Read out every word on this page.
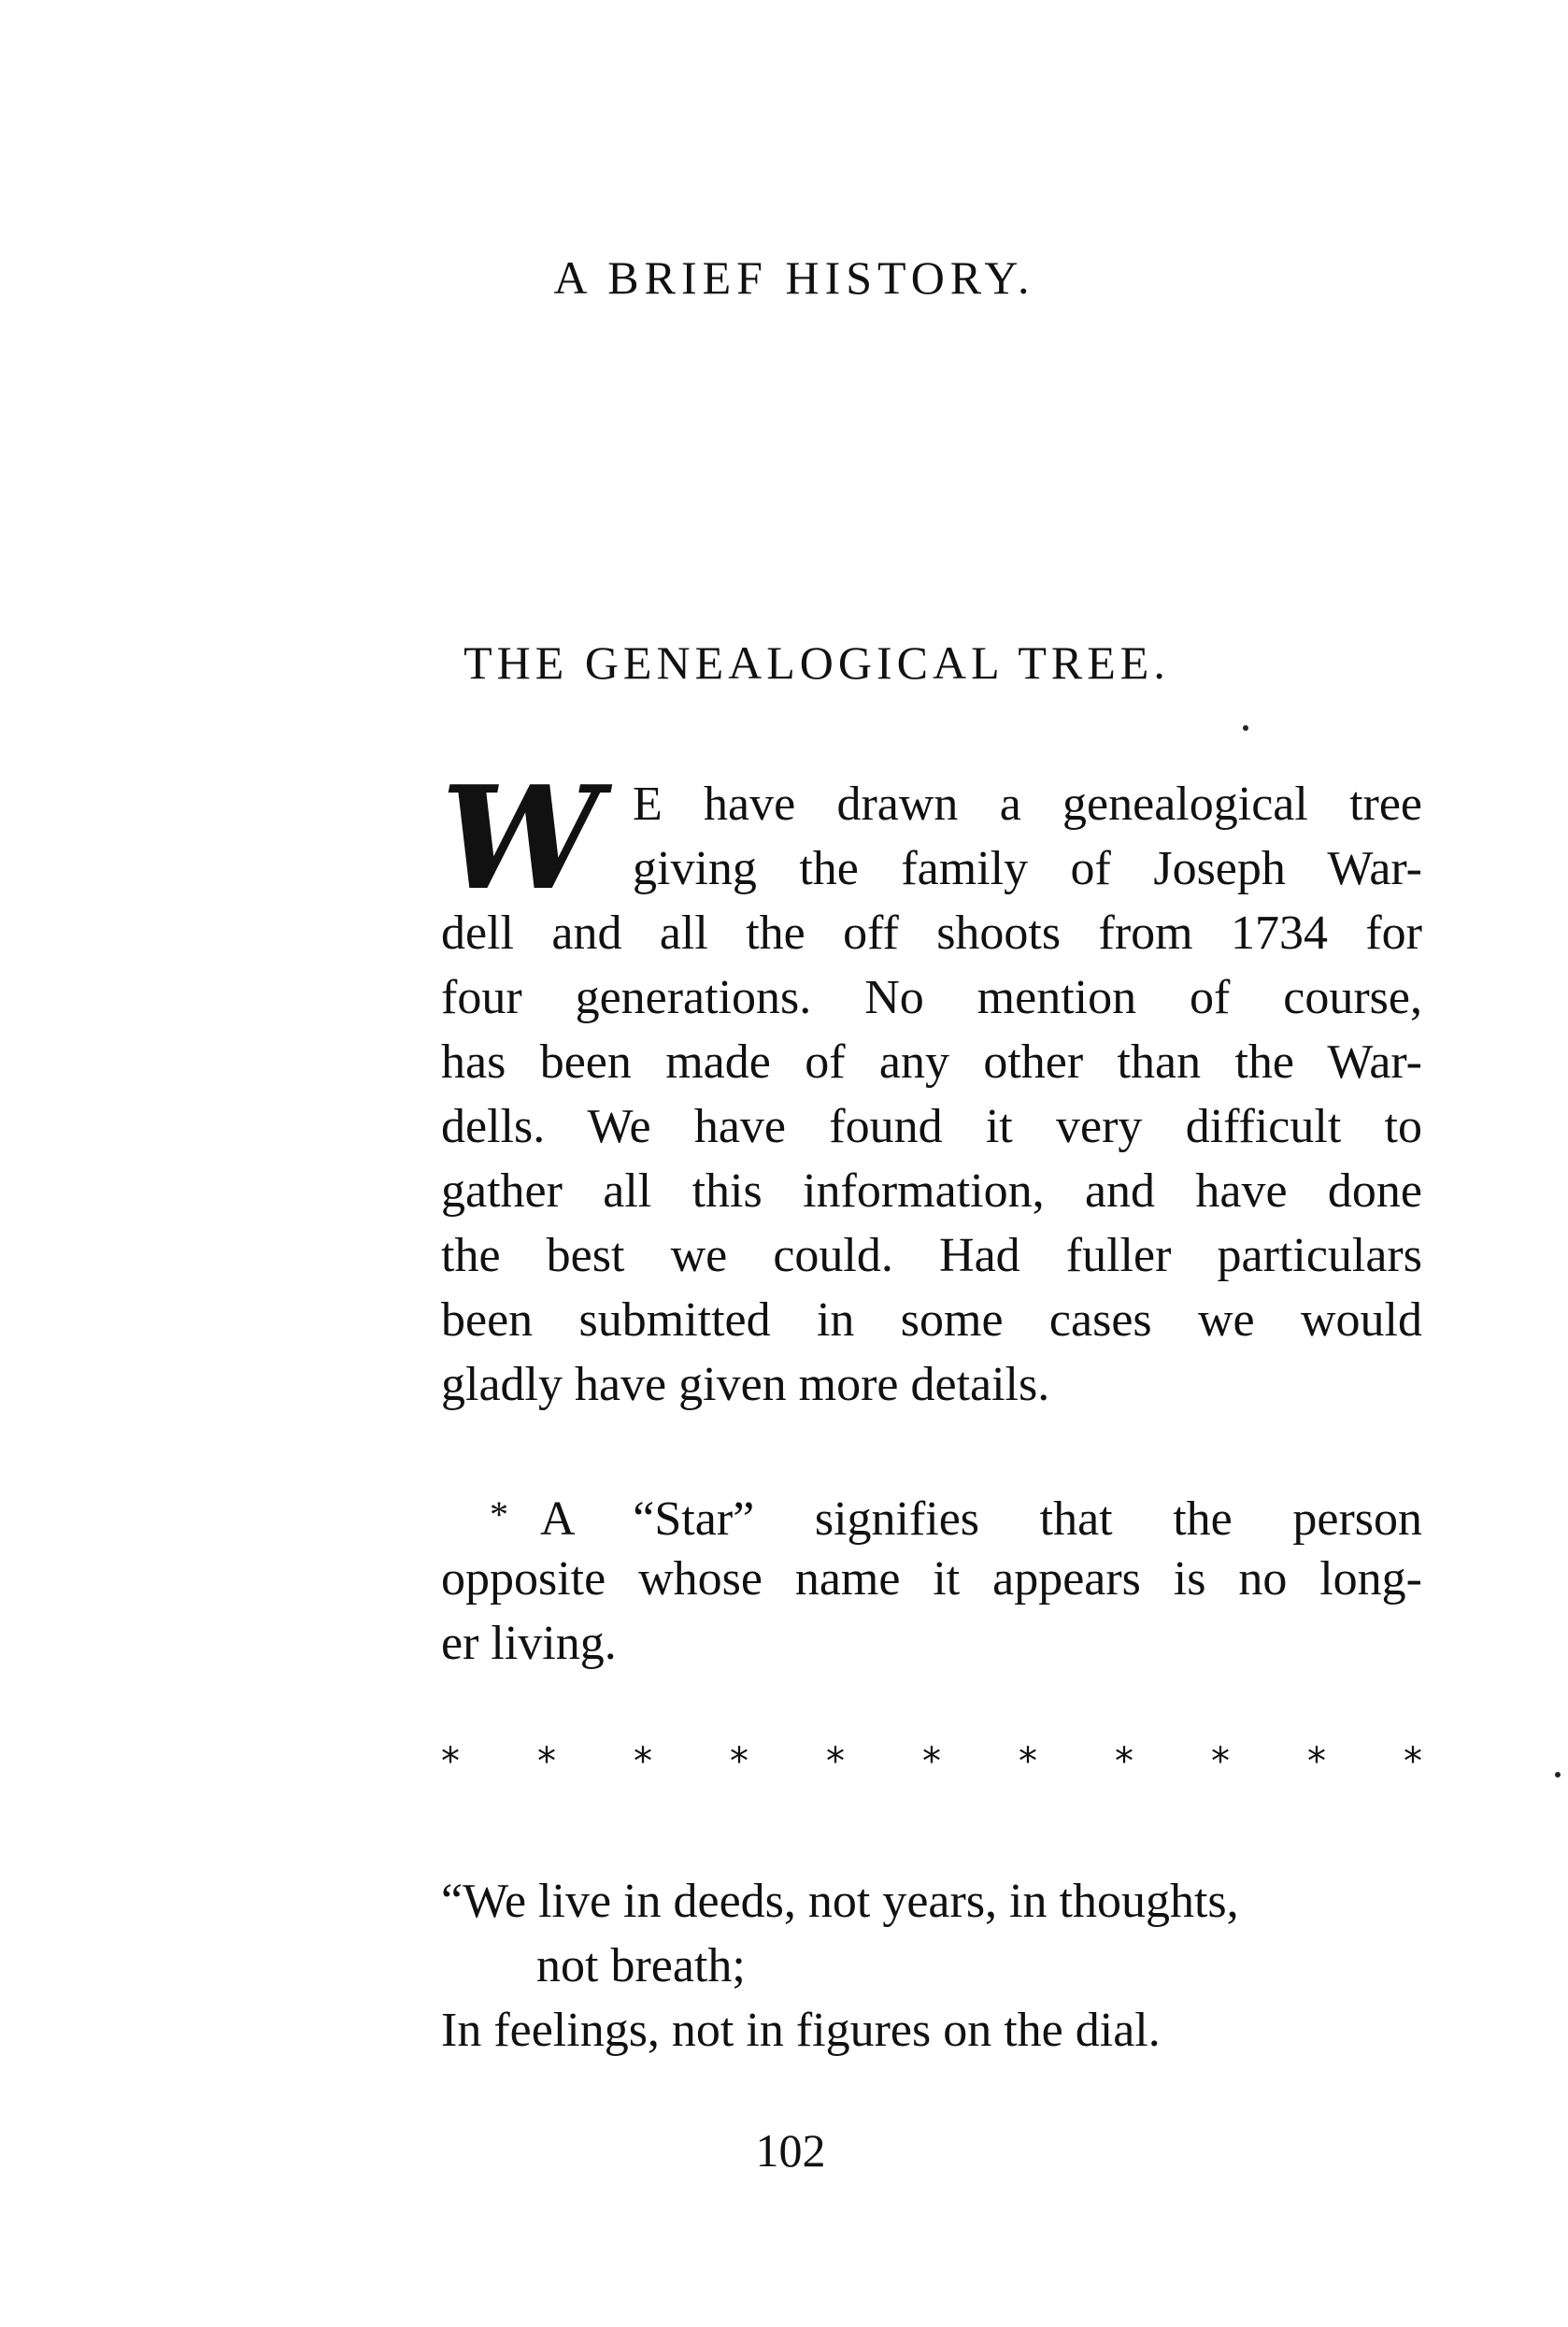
A BRIEF HISTORY.
THE GENEALOGICAL TREE.
W E have drawn a genealogical tree
giving the family of Joseph War-
dell and all the off shoots from 1734 for
four generations. No mention of course,
has been made of any other than the War-
dells. We have found it very difficult to
gather all this information, and have done
the best we could. Had fuller particulars
been submitted in some cases we would
gladly have given more details.
* A “Star” signifies that the person
opposite whose name it appears is no long-
er living.
* * * * * * * * * * *
“We live in deeds, not years, in thoughts,
not breath;
In feelings, not in figures on the dial.
102
